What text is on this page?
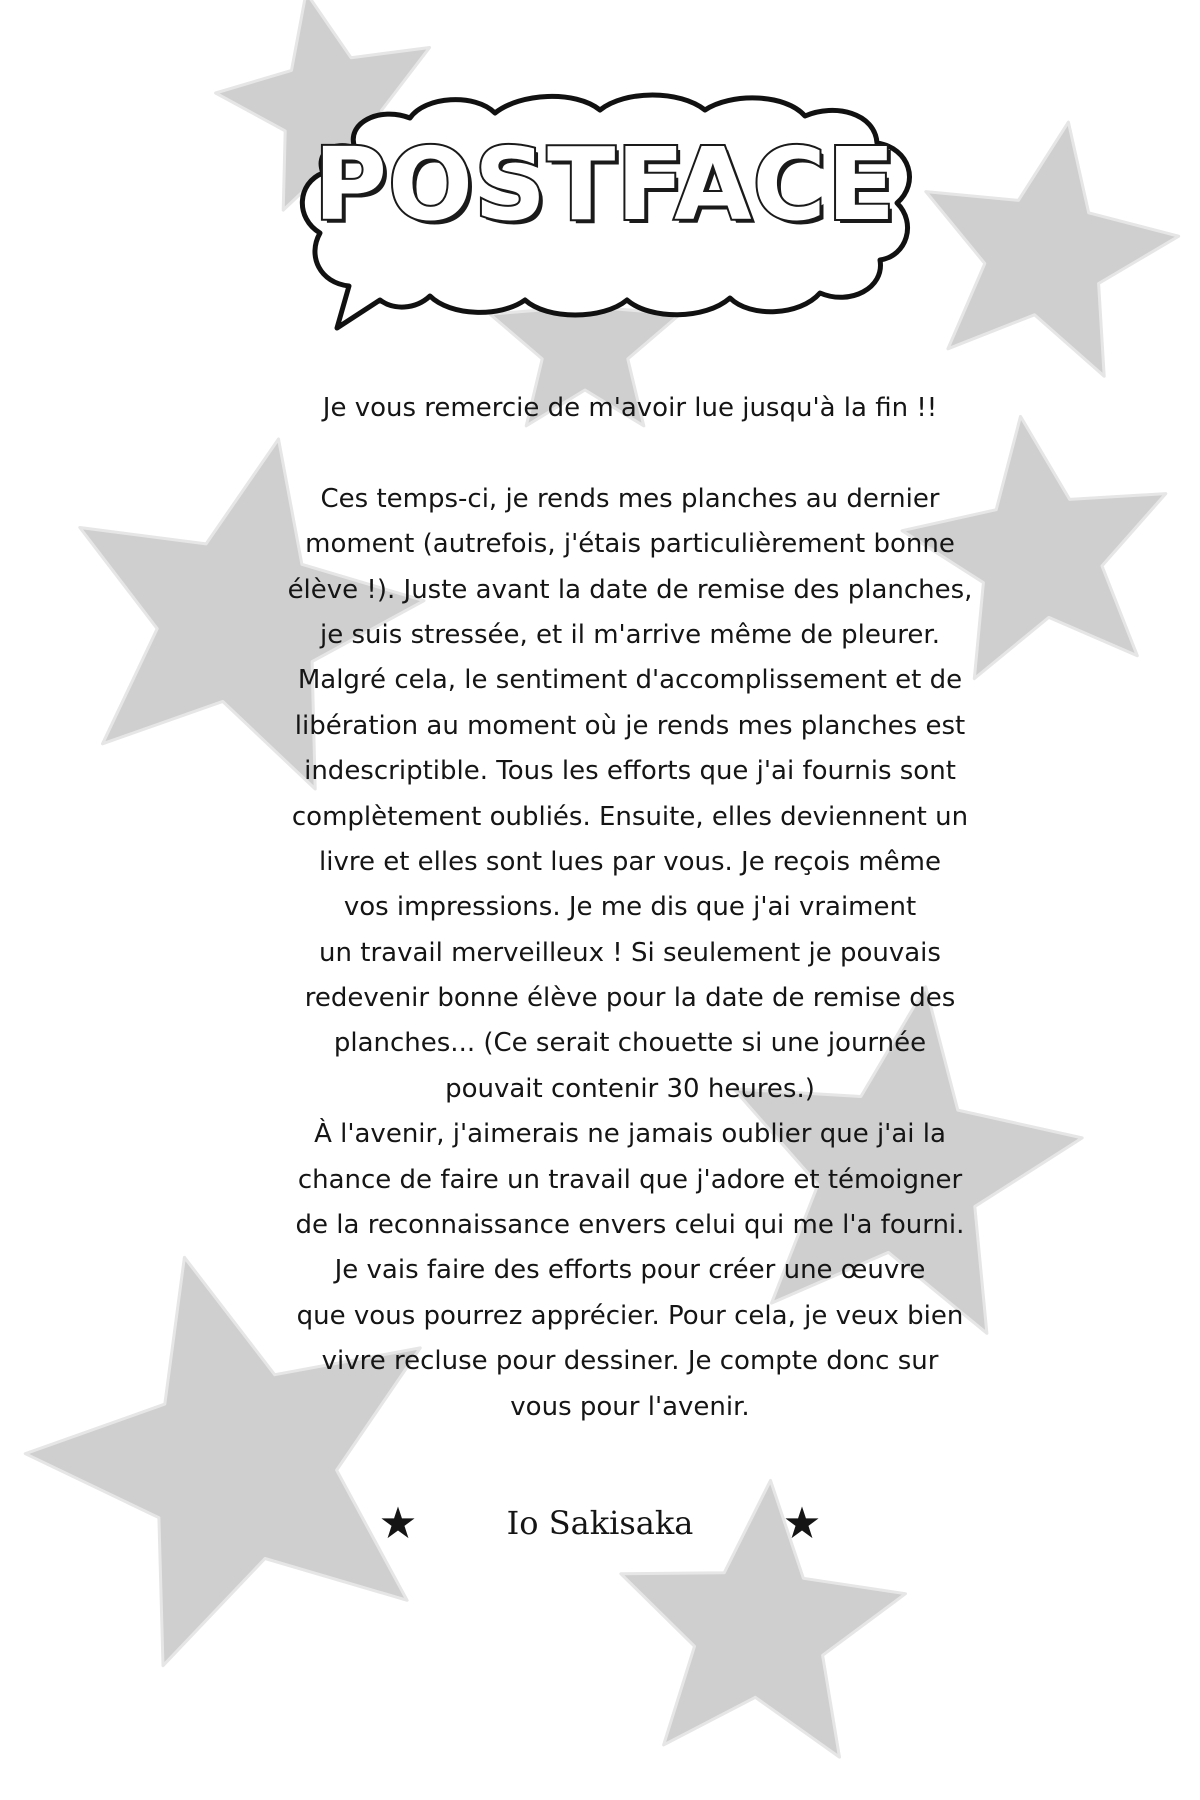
POSTFACE
Je vous remercie de m'avoir lue jusqu'à la fin !!
Ces temps-ci, je rends mes planches au dernier
moment (autrefois, j'étais particulièrement bonne
élève !). Juste avant la date de remise des planches,
je suis stressée, et il m'arrive même de pleurer.
Malgré cela, le sentiment d'accomplissement et de
libération au moment où je rends mes planches est
indescriptible. Tous les efforts que j'ai fournis sont
complètement oubliés. Ensuite, elles deviennent un
livre et elles sont lues par vous. Je reçois même
vos impressions. Je me dis que j'ai vraiment
un travail merveilleux ! Si seulement je pouvais
redevenir bonne élève pour la date de remise des
planches... (Ce serait chouette si une journée
pouvait contenir 30 heures.)
À l'avenir, j'aimerais ne jamais oublier que j'ai la
chance de faire un travail que j'adore et témoigner
de la reconnaissance envers celui qui me l'a fourni.
Je vais faire des efforts pour créer une œuvre
que vous pourrez apprécier. Pour cela, je veux bien
vivre recluse pour dessiner. Je compte donc sur
vous pour l'avenir.
Io Sakisaka
